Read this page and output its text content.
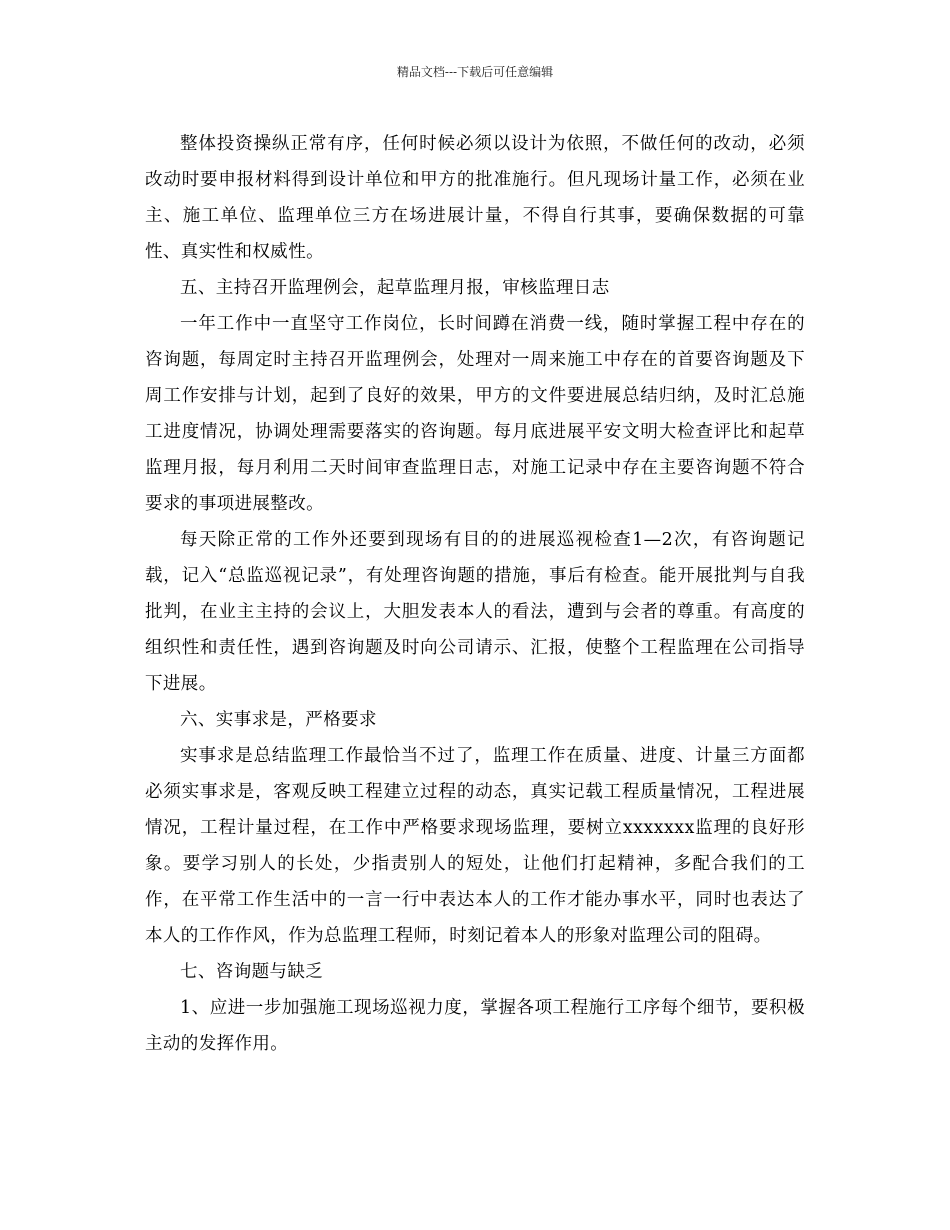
精品文档---下载后可任意编辑

整体投资操纵正常有序，任何时候必须以设计为依照，不做任何的改动，必须改动时要申报材料得到设计单位和甲方的批准施行。但凡现场计量工作，必须在业主、施工单位、监理单位三方在场进展计量，不得自行其事，要确保数据的可靠性、真实性和权威性。

五、主持召开监理例会，起草监理月报，审核监理日志

一年工作中一直坚守工作岗位，长时间蹲在消费一线，随时掌握工程中存在的咨询题，每周定时主持召开监理例会，处理对一周来施工中存在的首要咨询题及下周工作安排与计划，起到了良好的效果，甲方的文件要进展总结归纳，及时汇总施工进度情况，协调处理需要落实的咨询题。每月底进展平安文明大检查评比和起草监理月报，每月利用二天时间审查监理日志，对施工记录中存在主要咨询题不符合要求的事项进展整改。

每天除正常的工作外还要到现场有目的的进展巡视检查1—2次，有咨询题记载，记入“总监巡视记录”，有处理咨询题的措施，事后有检查。能开展批判与自我批判，在业主主持的会议上，大胆发表本人的看法，遭到与会者的尊重。有高度的组织性和责任性，遇到咨询题及时向公司请示、汇报，使整个工程监理在公司指导下进展。

六、实事求是，严格要求

实事求是总结监理工作最恰当不过了，监理工作在质量、进度、计量三方面都必须实事求是，客观反映工程建立过程的动态，真实记载工程质量情况，工程进展情况，工程计量过程，在工作中严格要求现场监理，要树立xxxxxxx监理的良好形象。要学习别人的长处，少指责别人的短处，让他们打起精神，多配合我们的工作，在平常工作生活中的一言一行中表达本人的工作才能办事水平，同时也表达了本人的工作作风，作为总监理工程师，时刻记着本人的形象对监理公司的阻碍。

七、咨询题与缺乏

1、应进一步加强施工现场巡视力度，掌握各项工程施行工序每个细节，要积极主动的发挥作用。
